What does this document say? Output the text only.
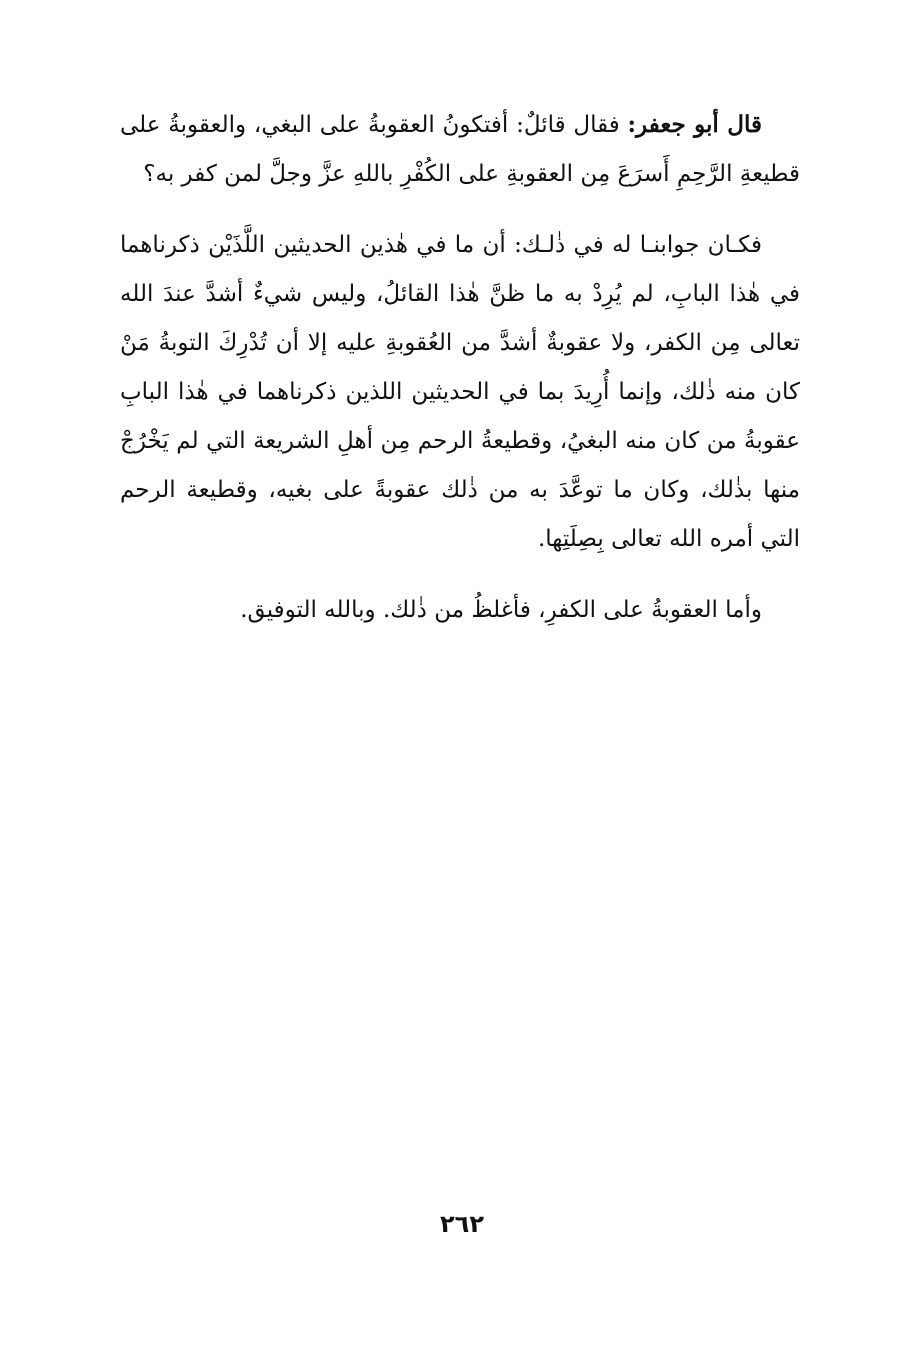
قال أبو جعفر: فقال قائلٌ: أفتكونُ العقوبةُ على البغي، والعقوبةُ على قطيعةِ الرَّحِمِ أَسرَعَ مِن العقوبةِ على الكُفْرِ باللهِ عزَّ وجلَّ لمن كفر به؟

فكـان جوابنـا له في ذٰلـك: أن ما في هٰذين الحديثين اللَّذَيْن ذكرناهما في هٰذا البابِ، لم يُرِدْ به ما ظنَّ هٰذا القائلُ، وليس شيءٌ أشدَّ عندَ الله تعالى مِن الكفر، ولا عقوبةٌ أشدَّ من العُقوبةِ عليه إلا أن تُدْرِكَ التوبةُ مَنْ كان منه ذٰلك، وإنما أُرِيدَ بما في الحديثين اللذين ذكرناهما في هٰذا البابِ عقوبةُ من كان منه البغيُ، وقطيعةُ الرحم مِن أهلِ الشريعة التي لم يَخْرُجْ منها بذٰلك، وكان ما توعَّدَ به من ذٰلك عقوبةً على بغيه، وقطيعة الرحم التي أمره الله تعالى بِصِلَتِها.

وأما العقوبةُ على الكفرِ، فأغلظُ من ذٰلك. وبالله التوفيق.

٢٦٢
